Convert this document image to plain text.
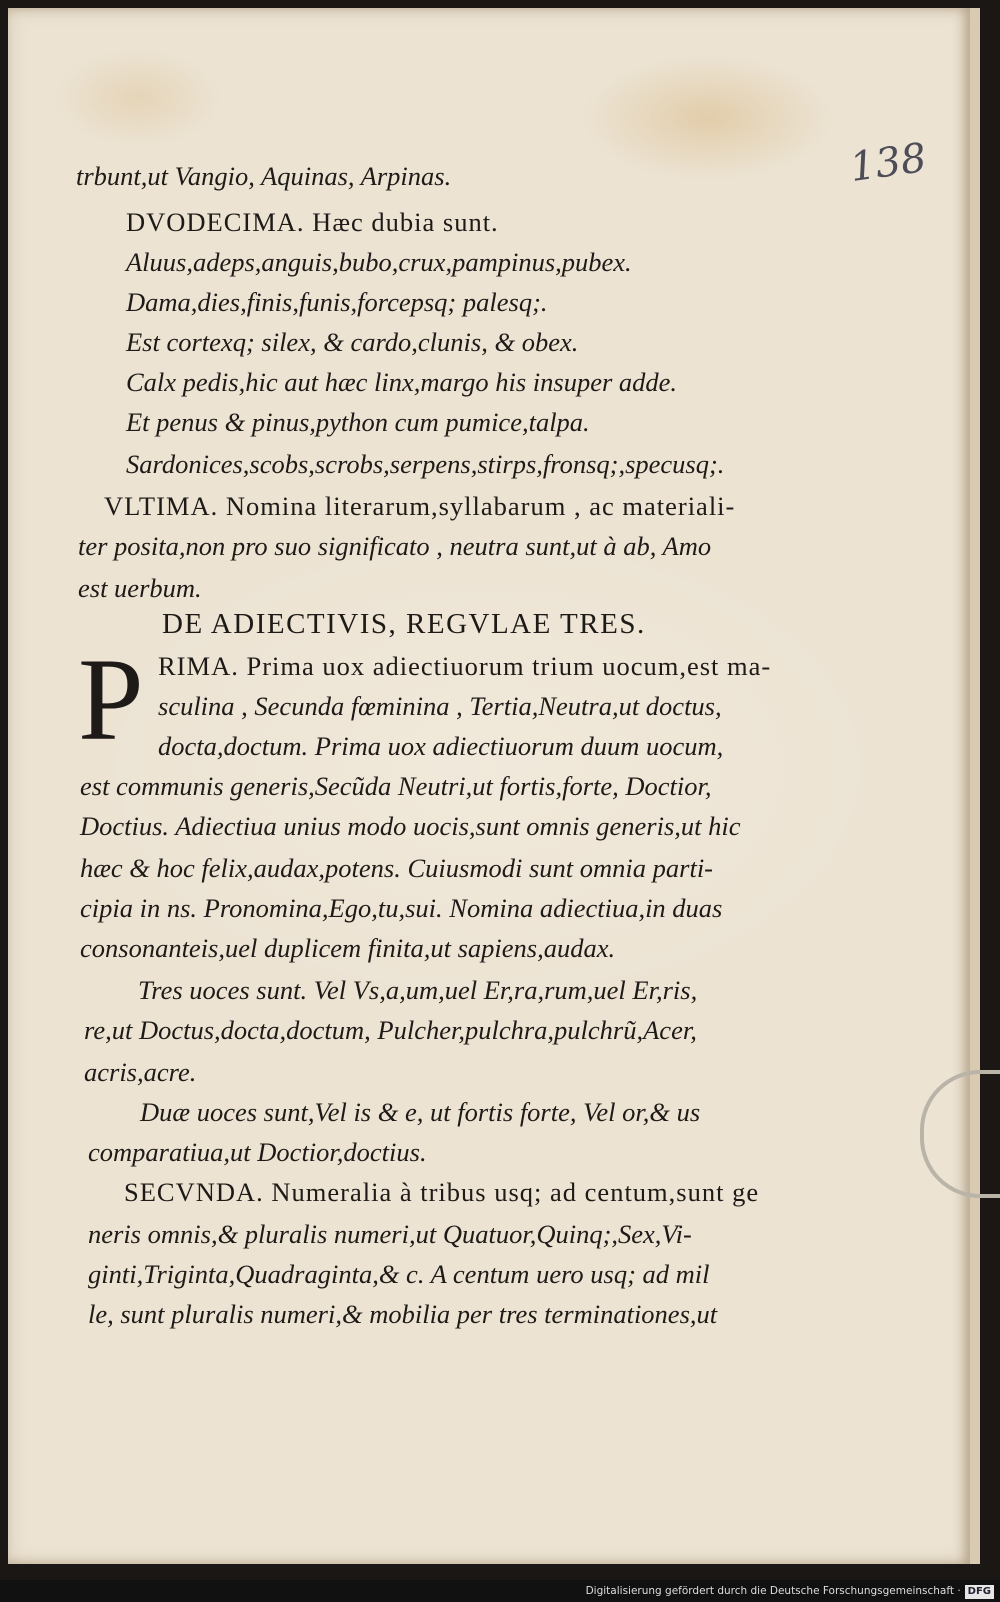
138

trbunt,ut Vangio, Aquinas, Arpinas.

DVODECIMA. Hæc dubia sunt.

Aluus,adeps,anguis,bubo,crux,pampinus,pubex.

Dama,dies,finis,funis,forcepsq; palesq;.

Est cortexq; silex, & cardo,clunis, & obex.

Calx pedis,hic aut hæc linx,margo his insuper adde.

Et penus & pinus,python cum pumice,talpa.

Sardonices,scobs,scrobs,serpens,stirps,fronsq;,specusq;.

VLTIMA. Nomina literarum,syllabarum , ac materiali-

ter posita,non pro suo significato , neutra sunt,ut à ab, Amo

est uerbum.

DE ADIECTIVIS, REGVLAE TRES.

P RIMA. Prima uox adiectiuorum trium uocum,est ma-

sculina , Secunda fœminina , Tertia,Neutra,ut doctus,

docta,doctum. Prima uox adiectiuorum duum uocum,

est communis generis,Secũda Neutri,ut fortis,forte, Doctior,

Doctius. Adiectiua unius modo uocis,sunt omnis generis,ut hic

hæc & hoc felix,audax,potens. Cuiusmodi sunt omnia parti-

cipia in ns. Pronomina,Ego,tu,sui. Nomina adiectiua,in duas

consonanteis,uel duplicem finita,ut sapiens,audax.

Tres uoces sunt. Vel Vs,a,um,uel Er,ra,rum,uel Er,ris,

re,ut Doctus,docta,doctum, Pulcher,pulchra,pulchrũ,Acer,

acris,acre.

Duæ uoces sunt,Vel is & e, ut fortis forte, Vel or,& us

comparatiua,ut Doctior,doctius.

SECVNDA. Numeralia à tribus usq; ad centum,sunt ge

neris omnis,& pluralis numeri,ut Quatuor,Quinq;,Sex,Vi-

ginti,Triginta,Quadraginta,& c. A centum uero usq; ad mil

le, sunt pluralis numeri,& mobilia per tres terminationes,ut

Digitalisierung gefördert durch die Deutsche Forschungsgemeinschaft · DFG
